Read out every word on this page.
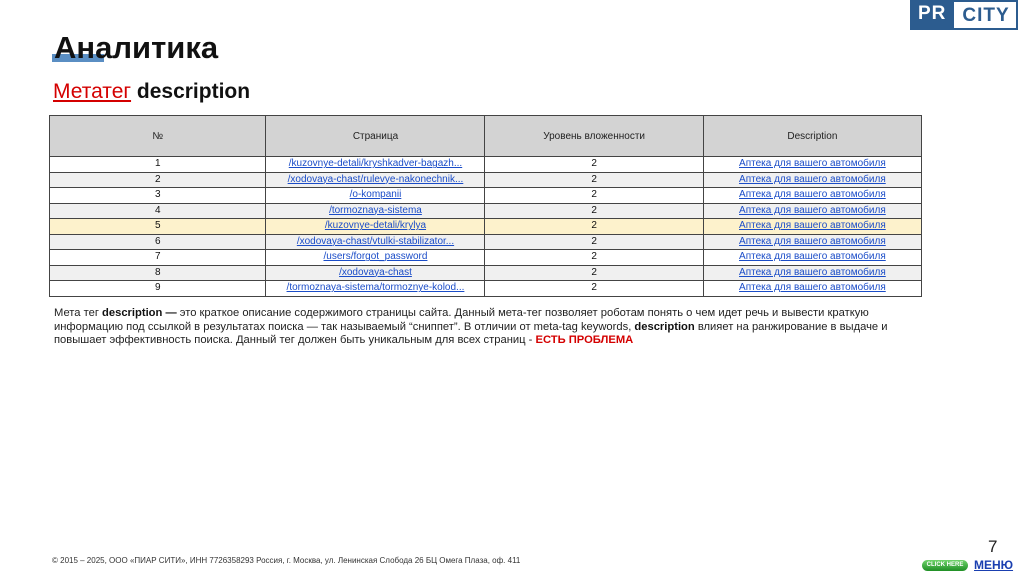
PR CITY
Аналитика
Метатег description
№	Страница	Уровень вложенности	Description
1	/kuzovnye-detali/kryshkadver-bagazh...	2	Аптека для вашего автомобиля
2	/xodovaya-chast/rulevye-nakonechnik...	2	Аптека для вашего автомобиля
3	/o-kompanii	2	Аптека для вашего автомобиля
4	/tormoznaya-sistema	2	Аптека для вашего автомобиля
5	/kuzovnye-detali/krylya	2	Аптека для вашего автомобиля
6	/xodovaya-chast/vtulki-stabilizator...	2	Аптека для вашего автомобиля
7	/users/forgot_password	2	Аптека для вашего автомобиля
8	/xodovaya-chast	2	Аптека для вашего автомобиля
9	/tormoznaya-sistema/tormoznye-kolod...	2	Аптека для вашего автомобиля

Мета тег description — это краткое описание содержимого страницы сайта. Данный мета-тег позволяет роботам понять о чем идет речь и вывести краткую информацию под ссылкой в результатах поиска — так называемый “сниппет”. В отличии от meta-tag keywords, description влияет на ранжирование в выдаче и повышает эффективность поиска. Данный тег должен быть уникальным для всех страниц - ЕСТЬ ПРОБЛЕМА

7
© 2015 – 2025, ООО «ПИАР СИТИ», ИНН 7726358293 Россия, г. Москва, ул. Ленинская Слобода 26 БЦ Омега Плаза, оф. 411	CLICK HERE МЕНЮ
